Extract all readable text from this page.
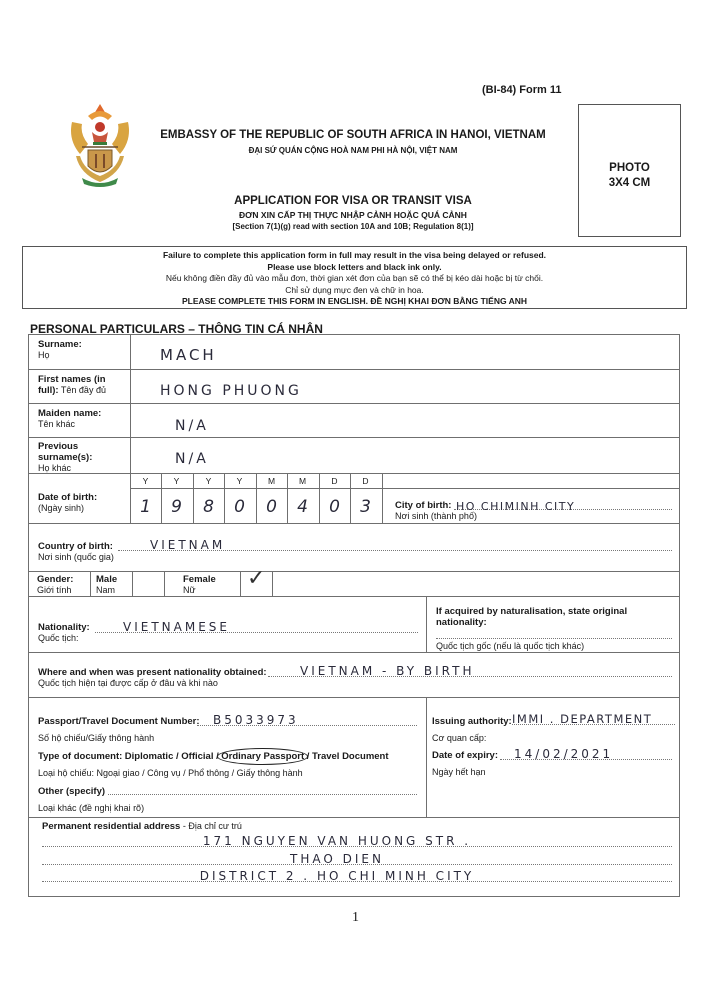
(BI-84) Form 11
EMBASSY OF THE REPUBLIC OF SOUTH AFRICA IN HANOI, VIETNAM
ĐẠI SỨ QUÁN CỘNG HOÀ NAM PHI HÀ NỘI, VIỆT NAM
APPLICATION FOR VISA OR TRANSIT VISA
ĐƠN XIN CẤP THỊ THỰC NHẬP CẢNH HOẶC QUÁ CẢNH
[Section 7(1)(g) read with section 10A and 10B; Regulation 8(1)]
PHOTO
3X4 CM
Failure to complete this application form in full may result in the visa being delayed or refused.
Please use block letters and black ink only.
Nếu không điền đầy đủ vào mẫu đơn, thời gian xét đơn của bạn sẽ có thể bị kéo dài hoặc bị từ chối.
Chỉ sử dụng mực đen và chữ in hoa.
PLEASE COMPLETE THIS FORM IN ENGLISH. ĐỀ NGHỊ KHAI ĐƠN BẰNG TIẾNG ANH
PERSONAL PARTICULARS – THÔNG TIN CÁ NHÂN
Surname:
Họ	MACH
First names (in full): Tên đầy đủ	HONG PHUONG
Maiden name:
Tên khác	N/A
Previous surname(s):
Họ khác
N/A
Y	Y	Y	Y	M	M	D	D
Date of birth:
(Ngày sinh)	1	9	8	0	0	4	0	3	City of birth:
Nơi sinh (thành phố)
HO CHIMINH CITY
Country of birth:
Nơi sinh (quốc gia)
VIETNAM
Gender:
Giới tính
Male
Nam
Female
Nữ	✓
Nationality:
Quốc tịch:
VIETNAMESE
If acquired by naturalisation, state original nationality:
Quốc tịch gốc (nếu là quốc tịch khác)
Where and when was present nationality obtained:
Quốc tịch hiện tại được cấp ở đâu và khi nào
VIETNAM - BY BIRTH
Passport/Travel Document Number:	B5033973
Số hộ chiếu/Giấy thông hành
Type of document: Diplomatic / Official / Ordinary Passport / Travel Document
Loại hộ chiếu: Ngoại giao / Công vụ / Phổ thông / Giấy thông hành
Other (specify)
Loại khác (đề nghị khai rõ)
Issuing authority: IMMI . DEPARTMENT
Cơ quan cấp:
Date of expiry:	14/02/2021
Ngày hết hạn
Permanent residential address - Địa chỉ cư trú
171 NGUYEN VAN HUONG STR .
THAO DIEN
DISTRICT 2 . HO CHI MINH CITY
1
